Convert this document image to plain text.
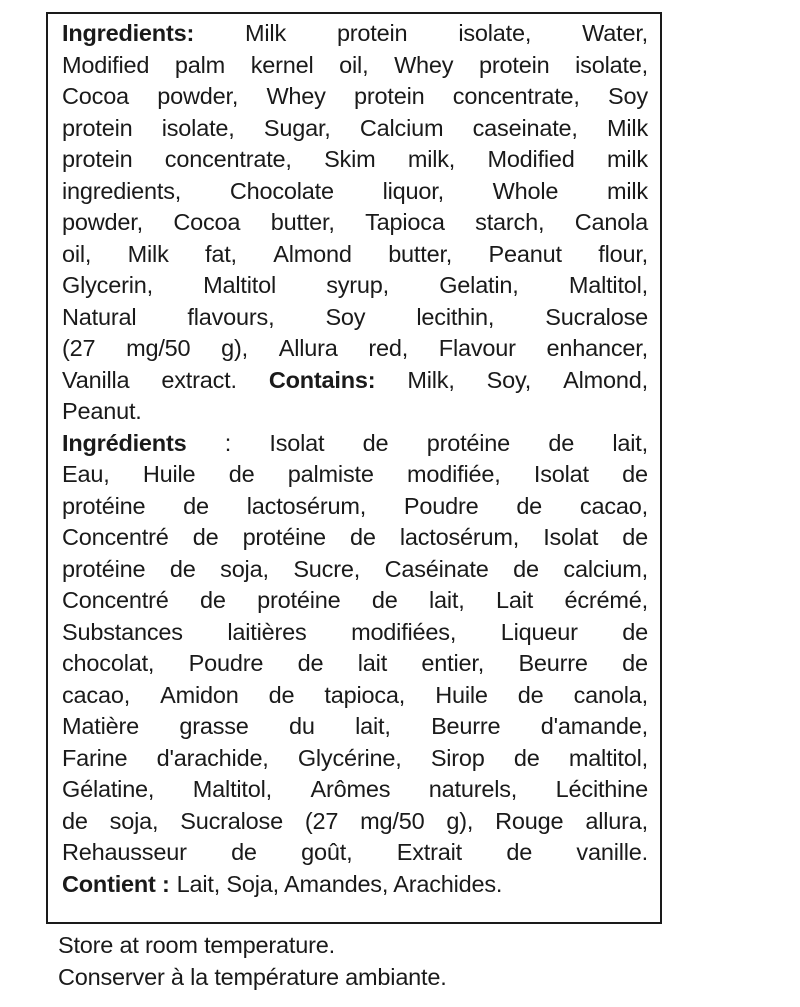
Ingredients: Milk protein isolate, Water,
Modified palm kernel oil, Whey protein isolate,
Cocoa powder, Whey protein concentrate, Soy
protein isolate, Sugar, Calcium caseinate, Milk
protein concentrate, Skim milk, Modified milk
ingredients, Chocolate liquor, Whole milk
powder, Cocoa butter, Tapioca starch, Canola
oil, Milk fat, Almond butter, Peanut flour,
Glycerin, Maltitol syrup, Gelatin, Maltitol,
Natural flavours, Soy lecithin, Sucralose
(27 mg/50 g), Allura red, Flavour enhancer,
Vanilla extract. Contains: Milk, Soy, Almond,
Peanut.
Ingrédients : Isolat de protéine de lait,
Eau, Huile de palmiste modifiée, Isolat de
protéine de lactosérum, Poudre de cacao,
Concentré de protéine de lactosérum, Isolat de
protéine de soja, Sucre, Caséinate de calcium,
Concentré de protéine de lait, Lait écrémé,
Substances laitières modifiées, Liqueur de
chocolat, Poudre de lait entier, Beurre de
cacao, Amidon de tapioca, Huile de canola,
Matière grasse du lait, Beurre d'amande,
Farine d'arachide, Glycérine, Sirop de maltitol,
Gélatine, Maltitol, Arômes naturels, Lécithine
de soja, Sucralose (27 mg/50 g), Rouge allura,
Rehausseur de goût, Extrait de vanille.
Contient : Lait, Soja, Amandes, Arachides.
Store at room temperature.
Conserver à la température ambiante.
